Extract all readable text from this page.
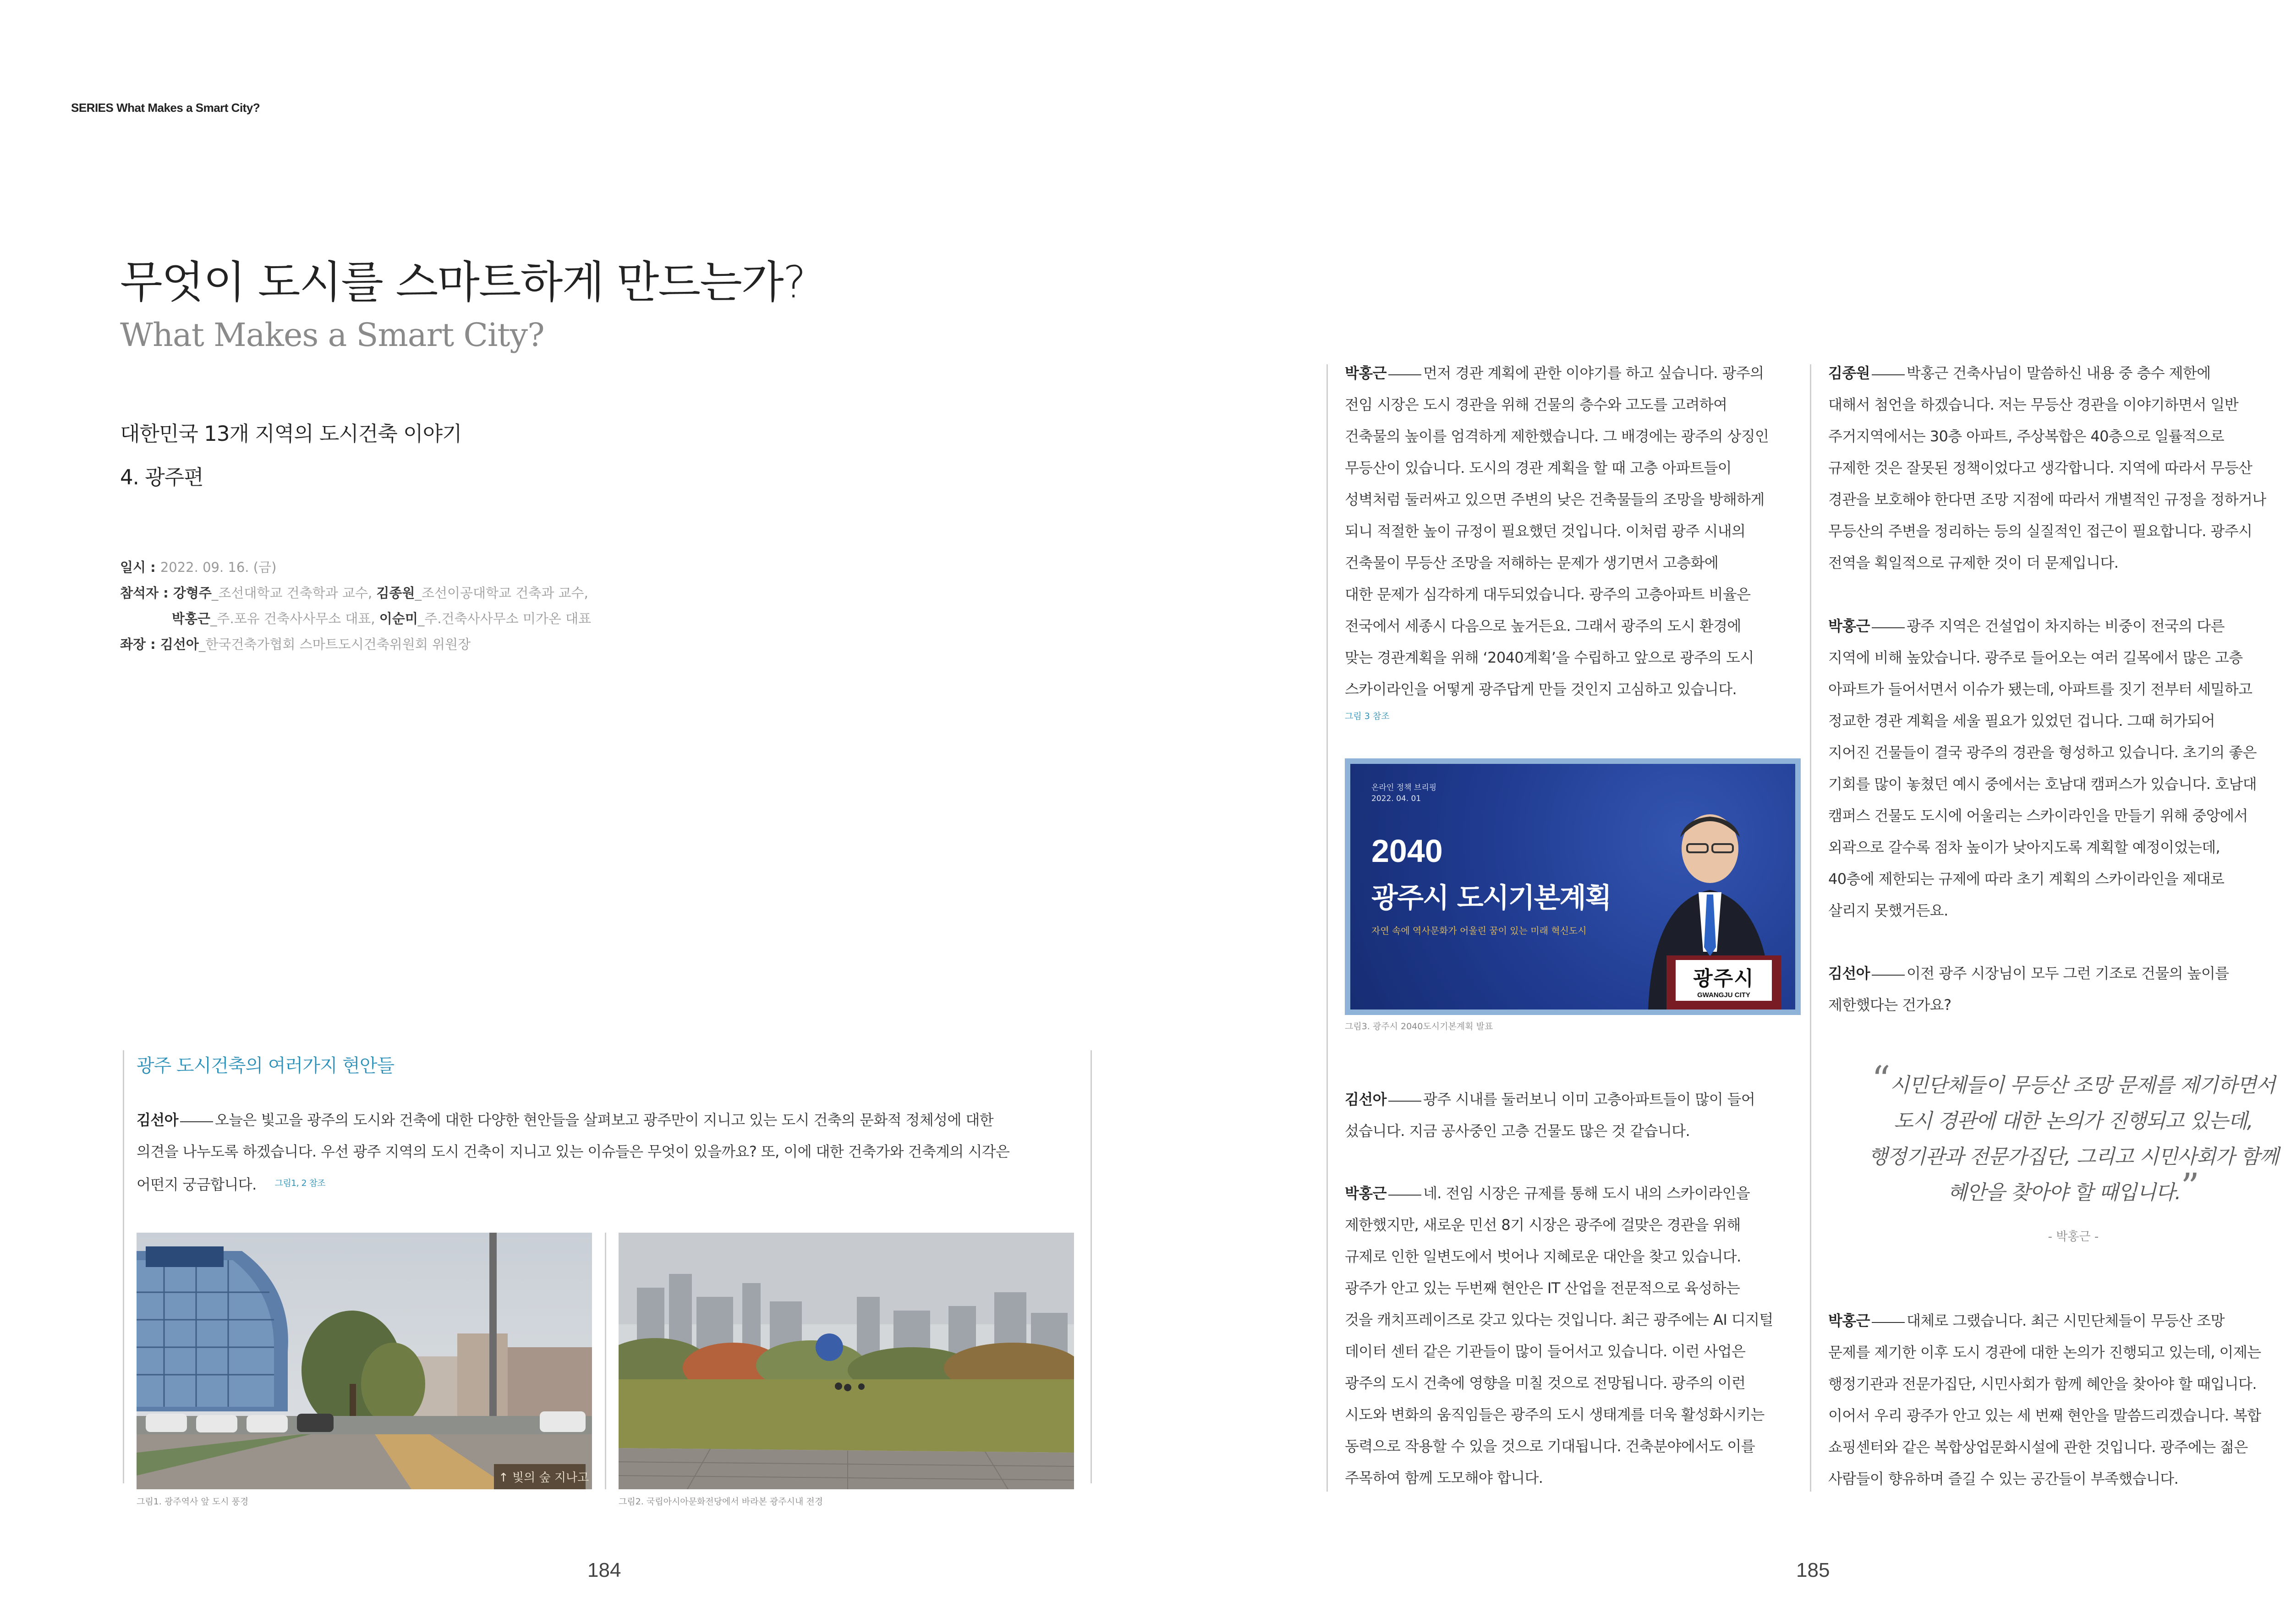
SERIES What Makes a Smart City?
무엇이 도시를 스마트하게 만드는가?
What Makes a Smart City?
대한민국 13개 지역의 도시건축 이야기
4. 광주편
일시 : 2022. 09. 16. (금)
참석자 : 강형주_조선대학교 건축학과 교수, 김종원_조선이공대학교 건축과 교수,
박홍근_주.포유 건축사사무소 대표, 이순미_주.건축사사무소 미가온 대표
좌장 : 김선아_한국건축가협회 스마트도시건축위원회 위원장
광주 도시건축의 여러가지 현안들
김선아	오늘은 빛고을 광주의 도시와 건축에 대한 다양한 현안들을 살펴보고 광주만이 지니고 있는 도시 건축의 문화적 정체성에 대한
의견을 나누도록 하겠습니다. 우선 광주 지역의 도시 건축이 지니고 있는 이슈들은 무엇이 있을까요? 또, 이에 대한 건축가와 건축계의 시각은
어떤지 궁금합니다. $^{그림1, 2 참조}$
↑ 빛의 숲 지나고
그림1. 광주역사 앞 도시 풍경	그림2. 국립아시아문화전당에서 바라본 광주시내 전경
184
박홍근	먼저 경관 계획에 관한 이야기를 하고 싶습니다. 광주의
전임 시장은 도시 경관을 위해 건물의 층수와 고도를 고려하여
건축물의 높이를 엄격하게 제한했습니다. 그 배경에는 광주의 상징인
무등산이 있습니다. 도시의 경관 계획을 할 때 고층 아파트들이
성벽처럼 둘러싸고 있으면 주변의 낮은 건축물들의 조망을 방해하게
되니 적절한 높이 규정이 필요했던 것입니다. 이처럼 광주 시내의
건축물이 무등산 조망을 저해하는 문제가 생기면서 고층화에
대한 문제가 심각하게 대두되었습니다. 광주의 고층아파트 비율은
전국에서 세종시 다음으로 높거든요. 그래서 광주의 도시 환경에
맞는 경관계획을 위해 ‘2040계획’을 수립하고 앞으로 광주의 도시
스카이라인을 어떻게 광주답게 만들 것인지 고심하고 있습니다.
그림 3 참조
온라인 정책 브리핑
2022. 04. 01
2040
광주시 도시기본계획
자연 속에 역사문화가 어울린 꿈이 있는 미래 혁신도시
광주시
GWANGJU CITY
그림3. 광주시 2040도시기본계획 발표
김선아	광주 시내를 둘러보니 이미 고층아파트들이 많이 들어
섰습니다. 지금 공사중인 고층 건물도 많은 것 같습니다.
박홍근	네. 전임 시장은 규제를 통해 도시 내의 스카이라인을
제한했지만, 새로운 민선 8기 시장은 광주에 걸맞은 경관을 위해
규제로 인한 일변도에서 벗어나 지혜로운 대안을 찾고 있습니다.
광주가 안고 있는 두번째 현안은 IT 산업을 전문적으로 육성하는
것을 캐치프레이즈로 갖고 있다는 것입니다. 최근 광주에는 AI 디지털
데이터 센터 같은 기관들이 많이 들어서고 있습니다. 이런 사업은
광주의 도시 건축에 영향을 미칠 것으로 전망됩니다. 광주의 이런
시도와 변화의 움직임들은 광주의 도시 생태계를 더욱 활성화시키는
동력으로 작용할 수 있을 것으로 기대됩니다. 건축분야에서도 이를
주목하여 함께 도모해야 합니다.
김종원	박홍근 건축사님이 말씀하신 내용 중 층수 제한에
대해서 첨언을 하겠습니다. 저는 무등산 경관을 이야기하면서 일반
주거지역에서는 30층 아파트, 주상복합은 40층으로 일률적으로
규제한 것은 잘못된 정책이었다고 생각합니다. 지역에 따라서 무등산
경관을 보호해야 한다면 조망 지점에 따라서 개별적인 규정을 정하거나
무등산의 주변을 정리하는 등의 실질적인 접근이 필요합니다. 광주시
전역을 획일적으로 규제한 것이 더 문제입니다.
박홍근	광주 지역은 건설업이 차지하는 비중이 전국의 다른
지역에 비해 높았습니다. 광주로 들어오는 여러 길목에서 많은 고층
아파트가 들어서면서 이슈가 됐는데, 아파트를 짓기 전부터 세밀하고
정교한 경관 계획을 세울 필요가 있었던 겁니다. 그때 허가되어
지어진 건물들이 결국 광주의 경관을 형성하고 있습니다. 초기의 좋은
기회를 많이 놓쳤던 예시 중에서는 호남대 캠퍼스가 있습니다. 호남대
캠퍼스 건물도 도시에 어울리는 스카이라인을 만들기 위해 중앙에서
외곽으로 갈수록 점차 높이가 낮아지도록 계획할 예정이었는데,
40층에 제한되는 규제에 따라 초기 계획의 스카이라인을 제대로
살리지 못했거든요.
김선아	이전 광주 시장님이 모두 그런 기조로 건물의 높이를
제한했다는 건가요?
“시민단체들이 무등산 조망 문제를 제기하면서
도시 경관에 대한 논의가 진행되고 있는데,
행정기관과 전문가집단, 그리고 시민사회가 함께
혜안을 찾아야 할 때입니다.”
- 박홍근 -
박홍근	대체로 그랬습니다. 최근 시민단체들이 무등산 조망
문제를 제기한 이후 도시 경관에 대한 논의가 진행되고 있는데, 이제는
행정기관과 전문가집단, 시민사회가 함께 혜안을 찾아야 할 때입니다.
이어서 우리 광주가 안고 있는 세 번째 현안을 말씀드리겠습니다. 복합
쇼핑센터와 같은 복합상업문화시설에 관한 것입니다. 광주에는 젊은
사람들이 향유하며 즐길 수 있는 공간들이 부족했습니다.
185
